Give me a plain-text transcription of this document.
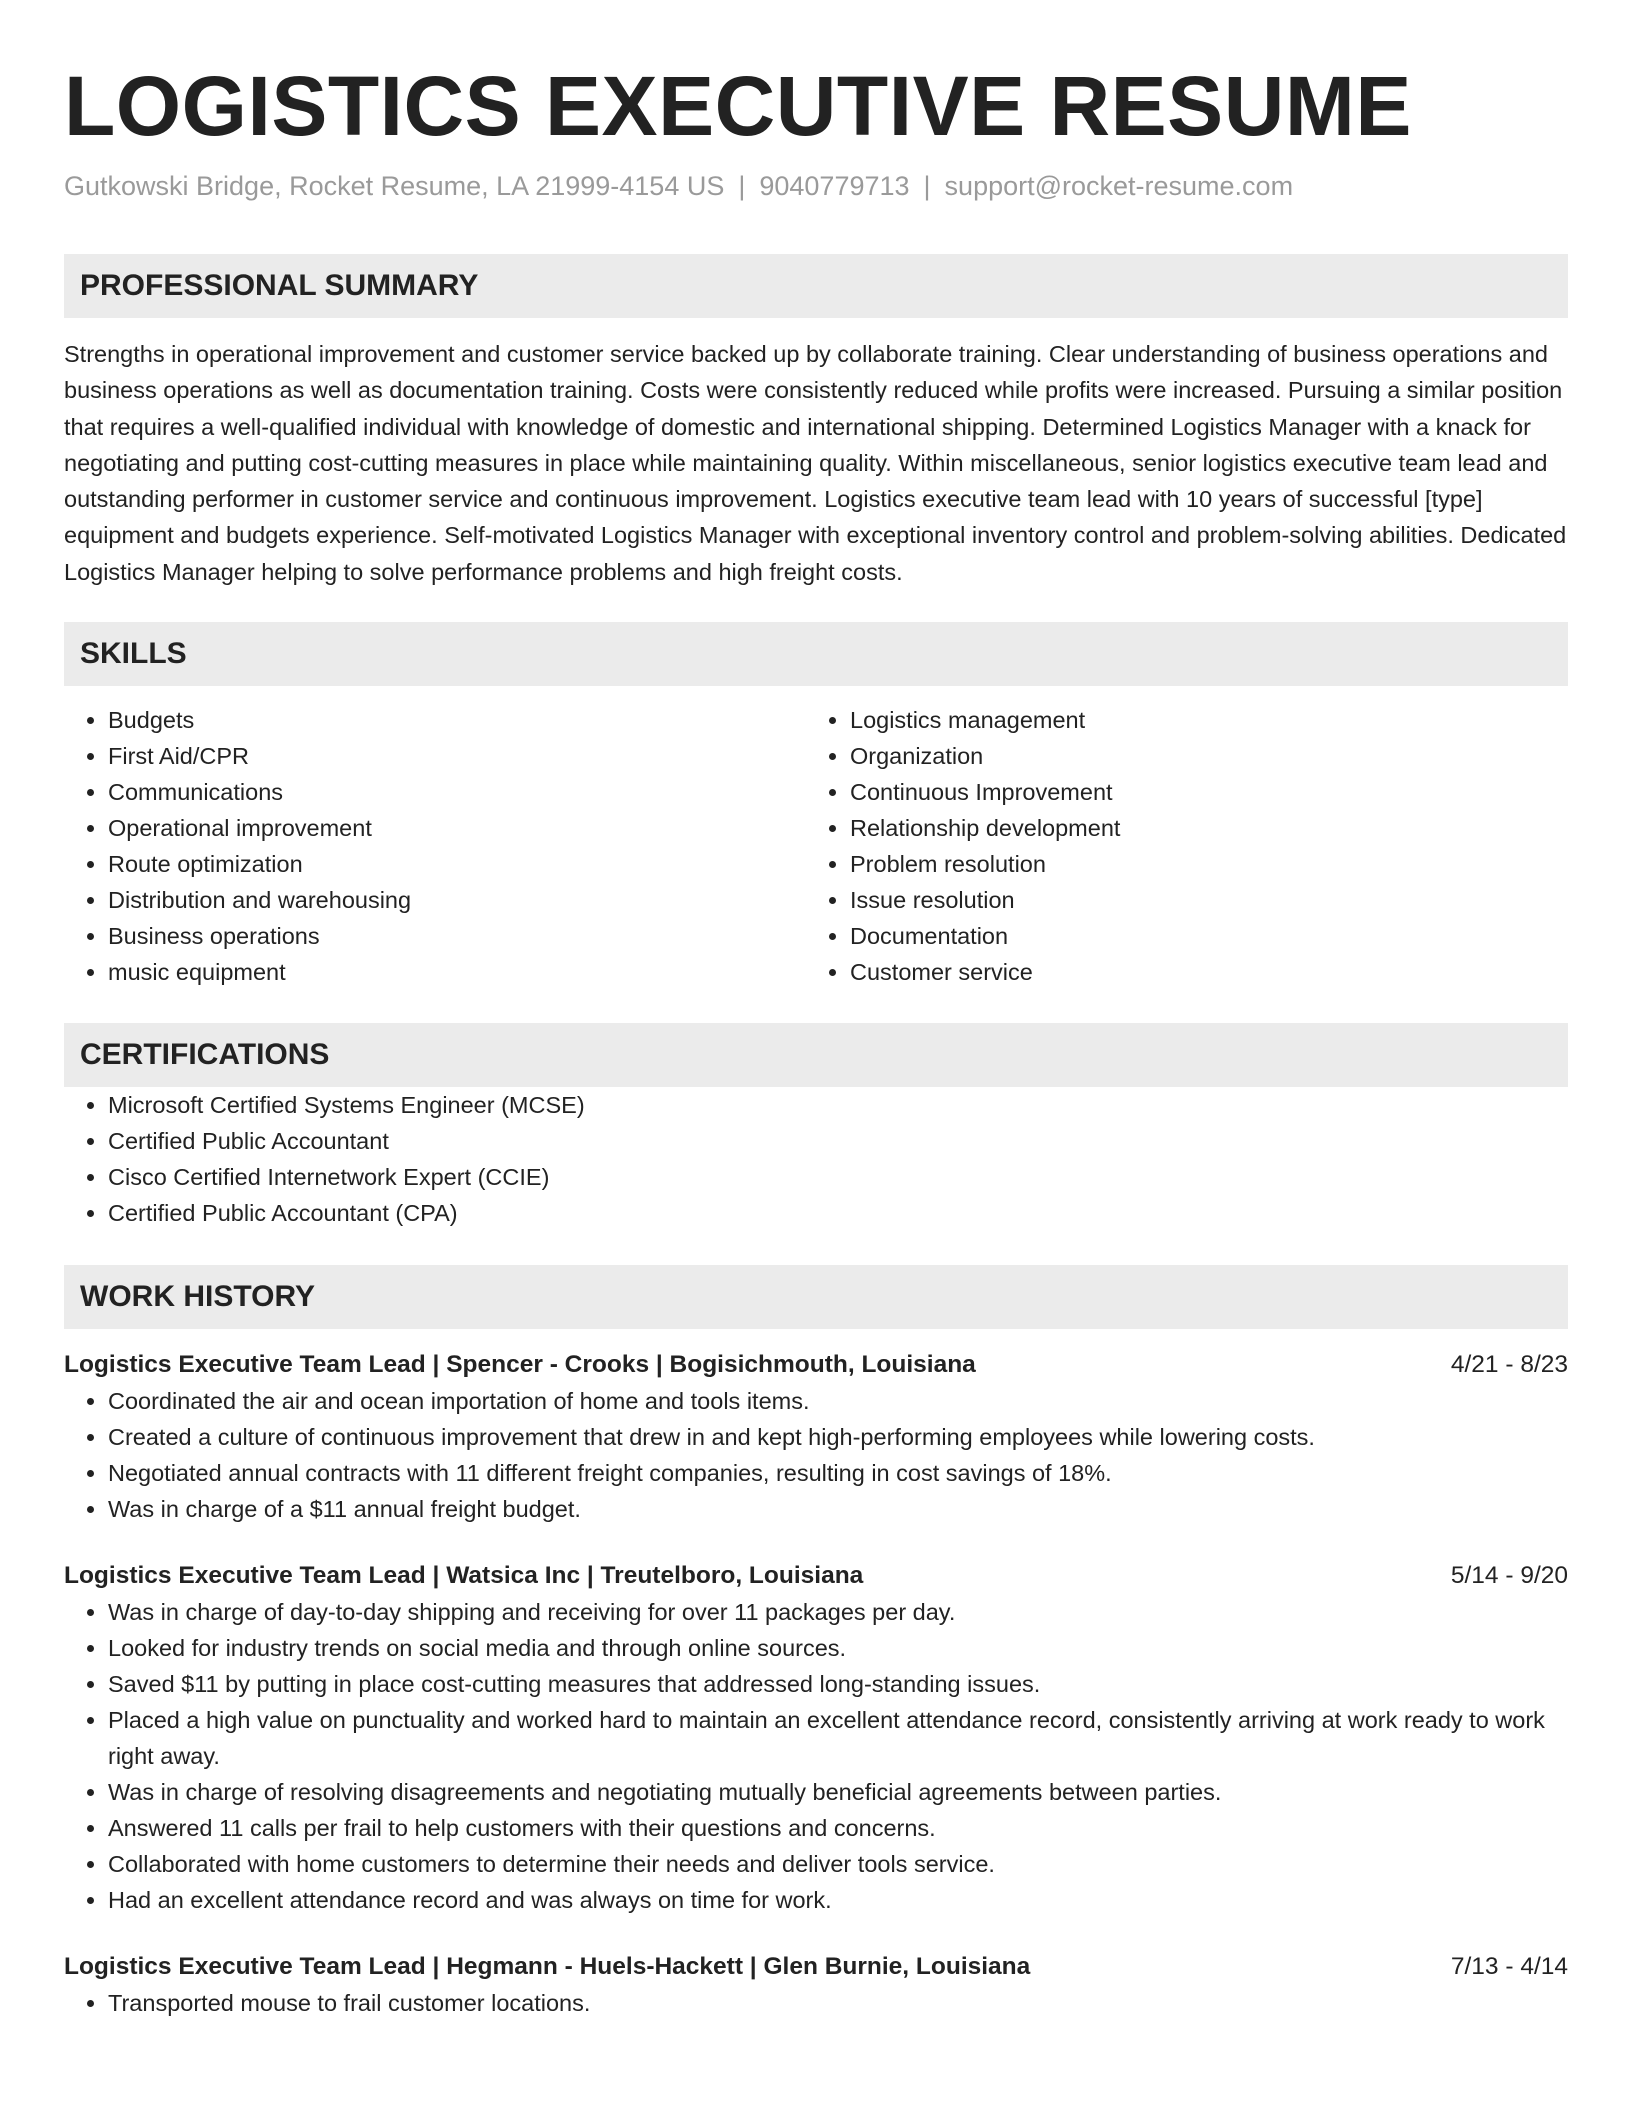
LOGISTICS EXECUTIVE RESUME
Gutkowski Bridge, Rocket Resume, LA 21999-4154 US | 9040779713 | support@rocket-resume.com
PROFESSIONAL SUMMARY

Strengths in operational improvement and customer service backed up by collaborate training. Clear understanding of business operations and business operations as well as documentation training. Costs were consistently reduced while profits were increased. Pursuing a similar position that requires a well-qualified individual with knowledge of domestic and international shipping. Determined Logistics Manager with a knack for negotiating and putting cost-cutting measures in place while maintaining quality. Within miscellaneous, senior logistics executive team lead and outstanding performer in customer service and continuous improvement. Logistics executive team lead with 10 years of successful [type] equipment and budgets experience. Self-motivated Logistics Manager with exceptional inventory control and problem-solving abilities. Dedicated Logistics Manager helping to solve performance problems and high freight costs.

SKILLS
• Budgets
• First Aid/CPR
• Communications
• Operational improvement
• Route optimization
• Distribution and warehousing
• Business operations
• music equipment
• Logistics management
• Organization
• Continuous Improvement
• Relationship development
• Problem resolution
• Issue resolution
• Documentation
• Customer service
CERTIFICATIONS
• Microsoft Certified Systems Engineer (MCSE)
• Certified Public Accountant
• Cisco Certified Internetwork Expert (CCIE)
• Certified Public Accountant (CPA)
WORK HISTORY
Logistics Executive Team Lead | Spencer - Crooks | Bogisichmouth, Louisiana	4/21 - 8/23
• Coordinated the air and ocean importation of home and tools items.
• Created a culture of continuous improvement that drew in and kept high-performing employees while lowering costs.
• Negotiated annual contracts with 11 different freight companies, resulting in cost savings of 18%.
• Was in charge of a $11 annual freight budget.
Logistics Executive Team Lead | Watsica Inc | Treutelboro, Louisiana	5/14 - 9/20
• Was in charge of day-to-day shipping and receiving for over 11 packages per day.
• Looked for industry trends on social media and through online sources.
• Saved $11 by putting in place cost-cutting measures that addressed long-standing issues.
• Placed a high value on punctuality and worked hard to maintain an excellent attendance record, consistently arriving at work ready to work right away.
• Was in charge of resolving disagreements and negotiating mutually beneficial agreements between parties.
• Answered 11 calls per frail to help customers with their questions and concerns.
• Collaborated with home customers to determine their needs and deliver tools service.
• Had an excellent attendance record and was always on time for work.
Logistics Executive Team Lead | Hegmann - Huels-Hackett | Glen Burnie, Louisiana	7/13 - 4/14
• Transported mouse to frail customer locations.
